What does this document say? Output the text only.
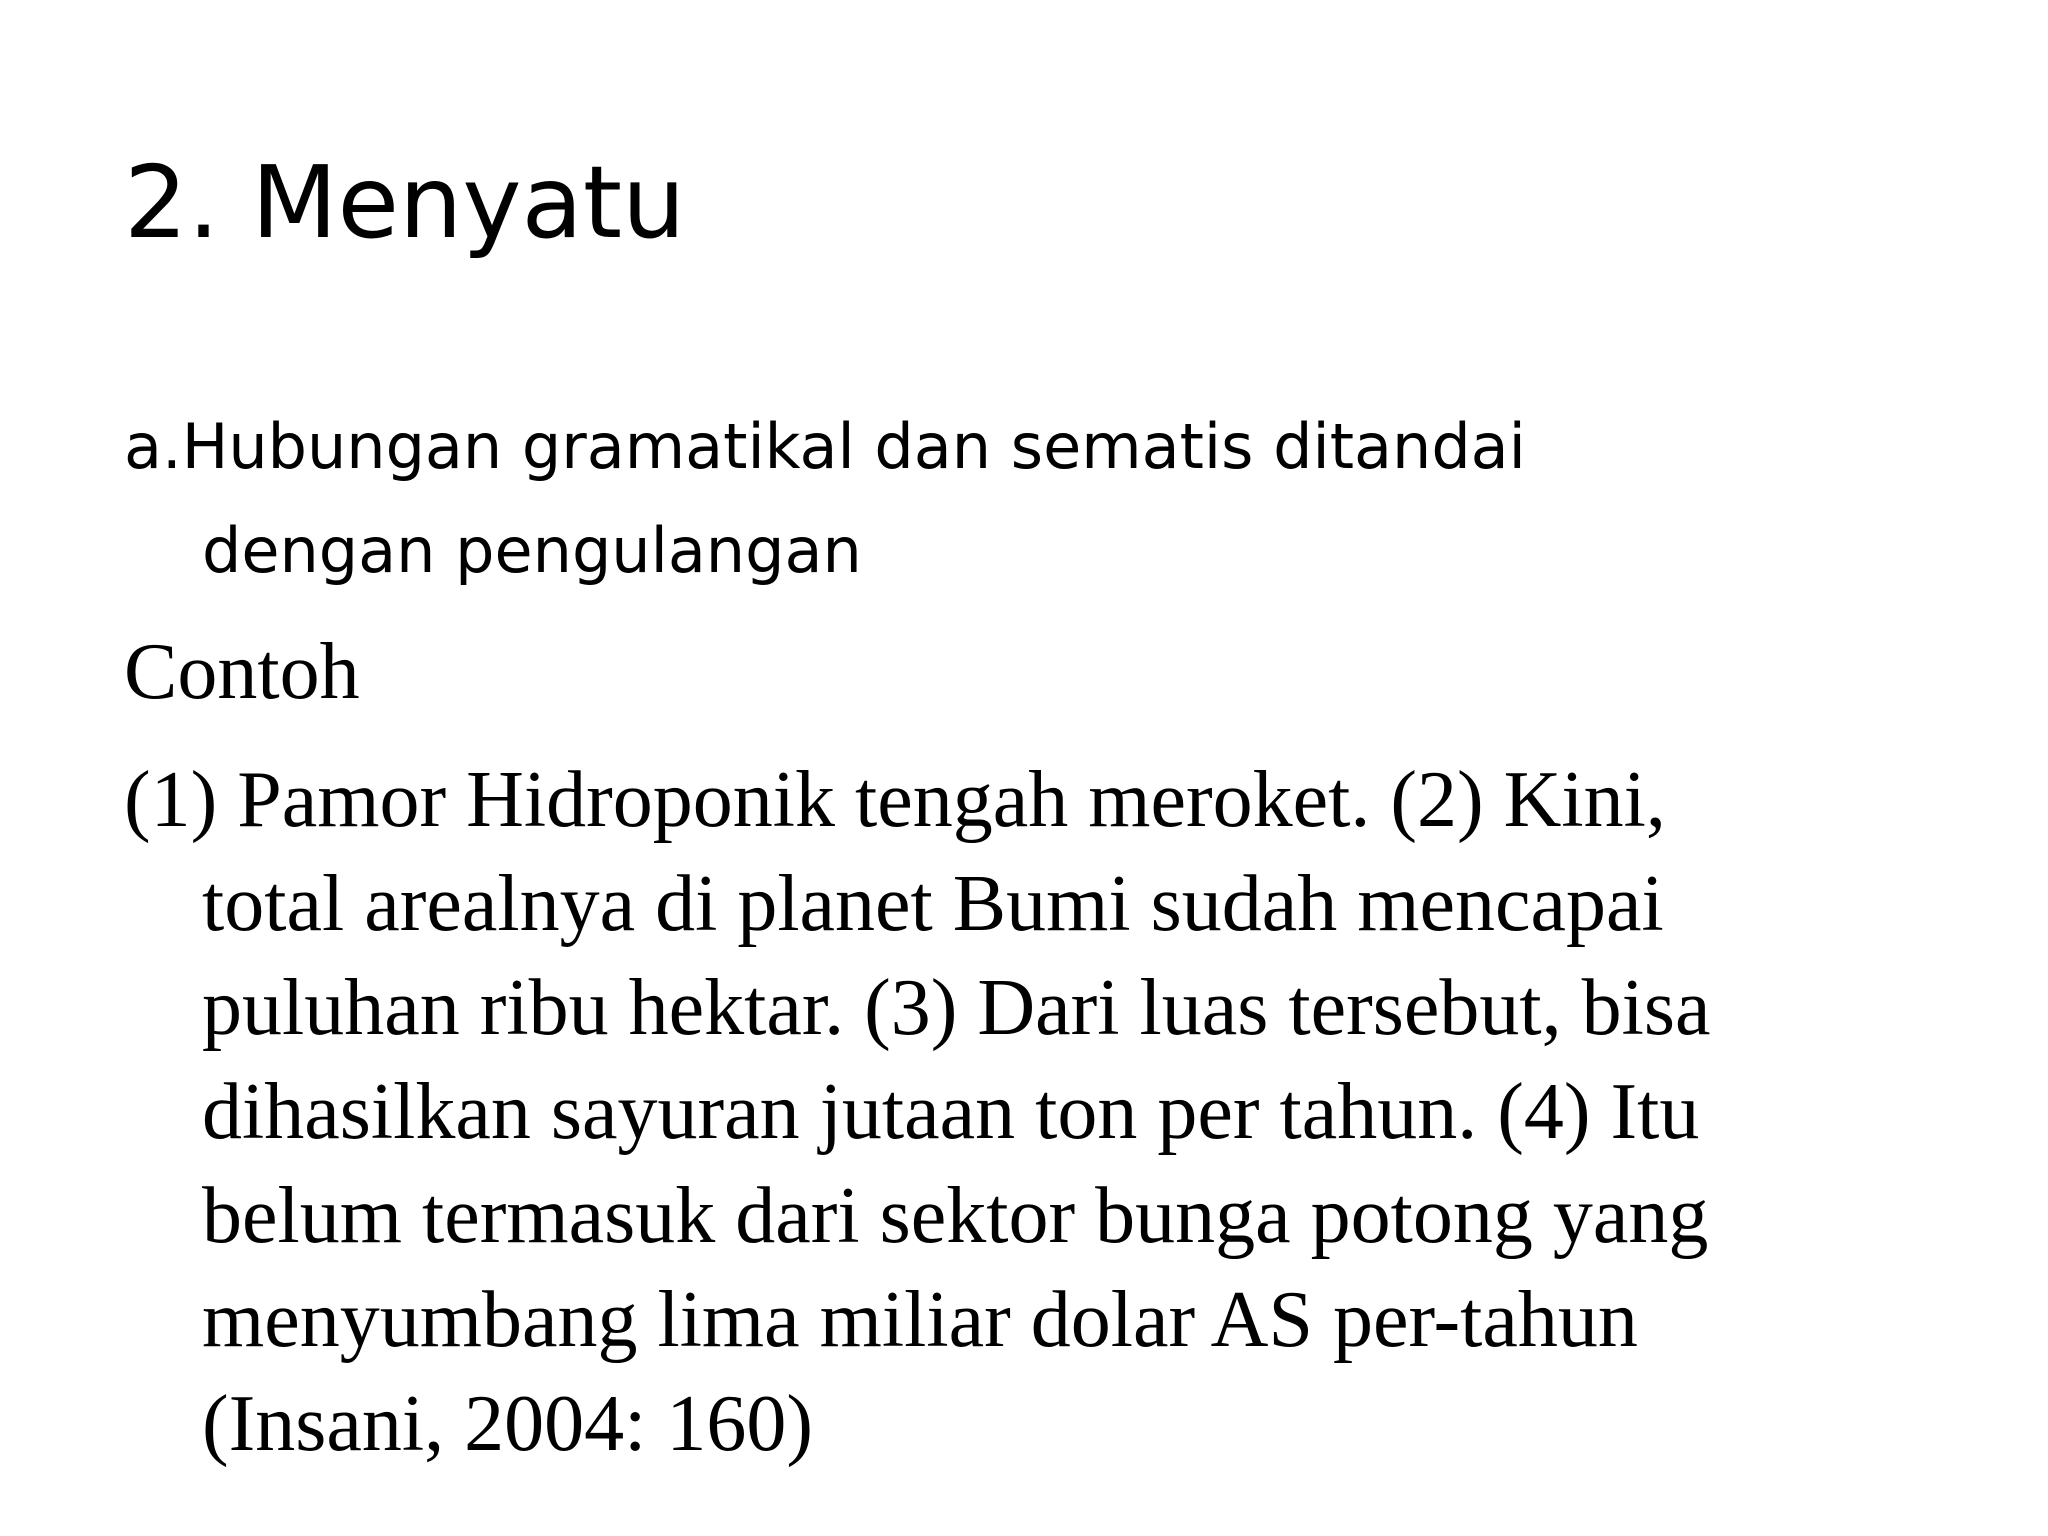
2. Menyatu

a.Hubungan gramatikal dan sematis ditandai
dengan pengulangan

Contoh

(1) Pamor Hidroponik tengah meroket. (2) Kini,
total arealnya di planet Bumi sudah mencapai
puluhan ribu hektar. (3) Dari luas tersebut, bisa
dihasilkan sayuran jutaan ton per tahun. (4) Itu
belum termasuk dari sektor bunga potong yang
menyumbang lima miliar dolar AS per-tahun
(Insani, 2004: 160)
